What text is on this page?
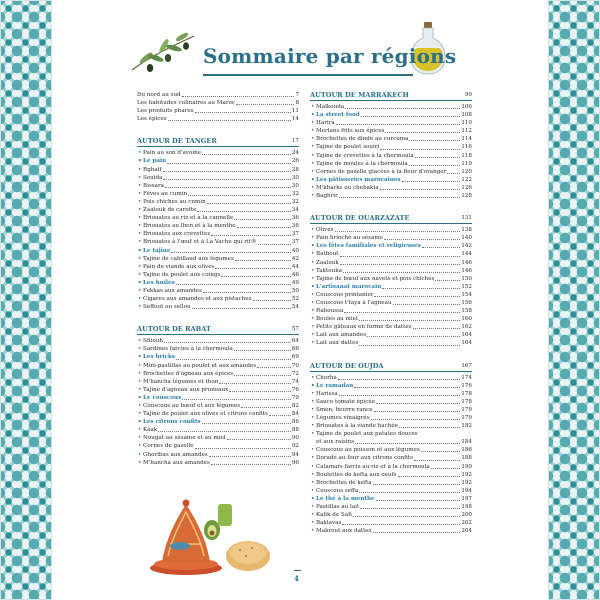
Sommaire par régions
Du nord au sud	7
Les habitudes culinaires au Maroc	8
Les produits phares	11
Les épices	14
AUTOUR DE TANGER	17
• Pain au son d'avoine	24
• Le pain	26
• Rghaïf	28
• Seuida	30
• Bissara	30
• Fèves au cumin	32
• Pois chiches au cumin	32
• Zaalouk de carotte	34
• Briouates au riz et à la cannelle	36
• Briouates au lben et à la menthe	36
• Briouates aux crevettes	37
• Briouates à l'œuf et à La Vache qui rit®	37
• Le tajine	40
• Tajine de cabillaud aux légumes	42
• Pain de viande aux olives	44
• Tajine de poulet aux coings	46
• Les huiles	49
• Fekkas aux amandes	50
• Cigares aux amandes et aux pistaches	52
• Seffout ou sellou	54
AUTOUR DE RABAT	57
• Sfiiouh	64
• Sardines farcies à la chermoula	66
• Les bricks	69
• Mini-pastillas au poulet et aux amandes	70
• Brochettes d'agneau aux épices	72
• M'hancha légumes et thon	74
• Tajine d'agneau aux pruneaux	76
• Le couscous	79
• Couscous au bœuf et aux légumes	82
• Tajine de poulet aux olives et citrons confits	84
• Les citrons confits	86
• Kâak	88
• Nougat au sésame et au miel	90
• Cornes de gazelle	92
• Ghoribas aux amandes	94
• M'hancha aux amandes	96
AUTOUR DE MARRAKECH	99
• Malkouda	106
• La street food	108
• Harira	110
• Merlans frits aux épices	112
• Brochettes de dinde au curcuma	114
• Tajine de poulet souiri	116
• Tajine de crevettes à la chermoula	118
• Tajine de moules à la chermoula	119
• Cornes de gazelle glacées à la fleur d'oranger	120
• Les pâtisseries marocaines	122
• M'kharks ou chebakia	126
• Baghrir	128
AUTOUR DE OUARZAZATE	131
• Olives	138
• Pain brioché au sésame	140
• Les fêtes familiales et religieuses	142
• Batbout	144
• Zaalouk	146
• Taktouka	146
• Tajine de bœuf aux navets et pois chiches	150
• L'artisanat marocain	152
• Couscous printanier	154
• Couscous t'faya à l'agneau	156
• Rahoussa	158
• Boules au miel	160
• Petits gâteaux en forme de dattes	162
• Lait aux amandes	164
• Lait aux dattes	164
AUTOUR DE OUJDA	167
• Chorba	174
• Le ramadan	176
• Harissa	178
• Sauce tomate épicée	178
• Smen, beurre rance	179
• Légumes vinaigrés	179
• Briouates à la viande hachée	182
• Tajine de poulet aux patates douces
et aux raisins	184
• Couscous au poisson et aux légumes	186
• Dorade au four aux citrons confits	188
• Calamars farcis au riz et à la chermoula	190
• Boulettes de kefta aux oeufs	192
• Brochettes de kefta	192
• Couscous seffa	194
• Le thé à la menthe	197
• Pastillas au lait	198
• Kalik de Safi	200
• Baklavas	202
• Makrout aux dattes	204
4
